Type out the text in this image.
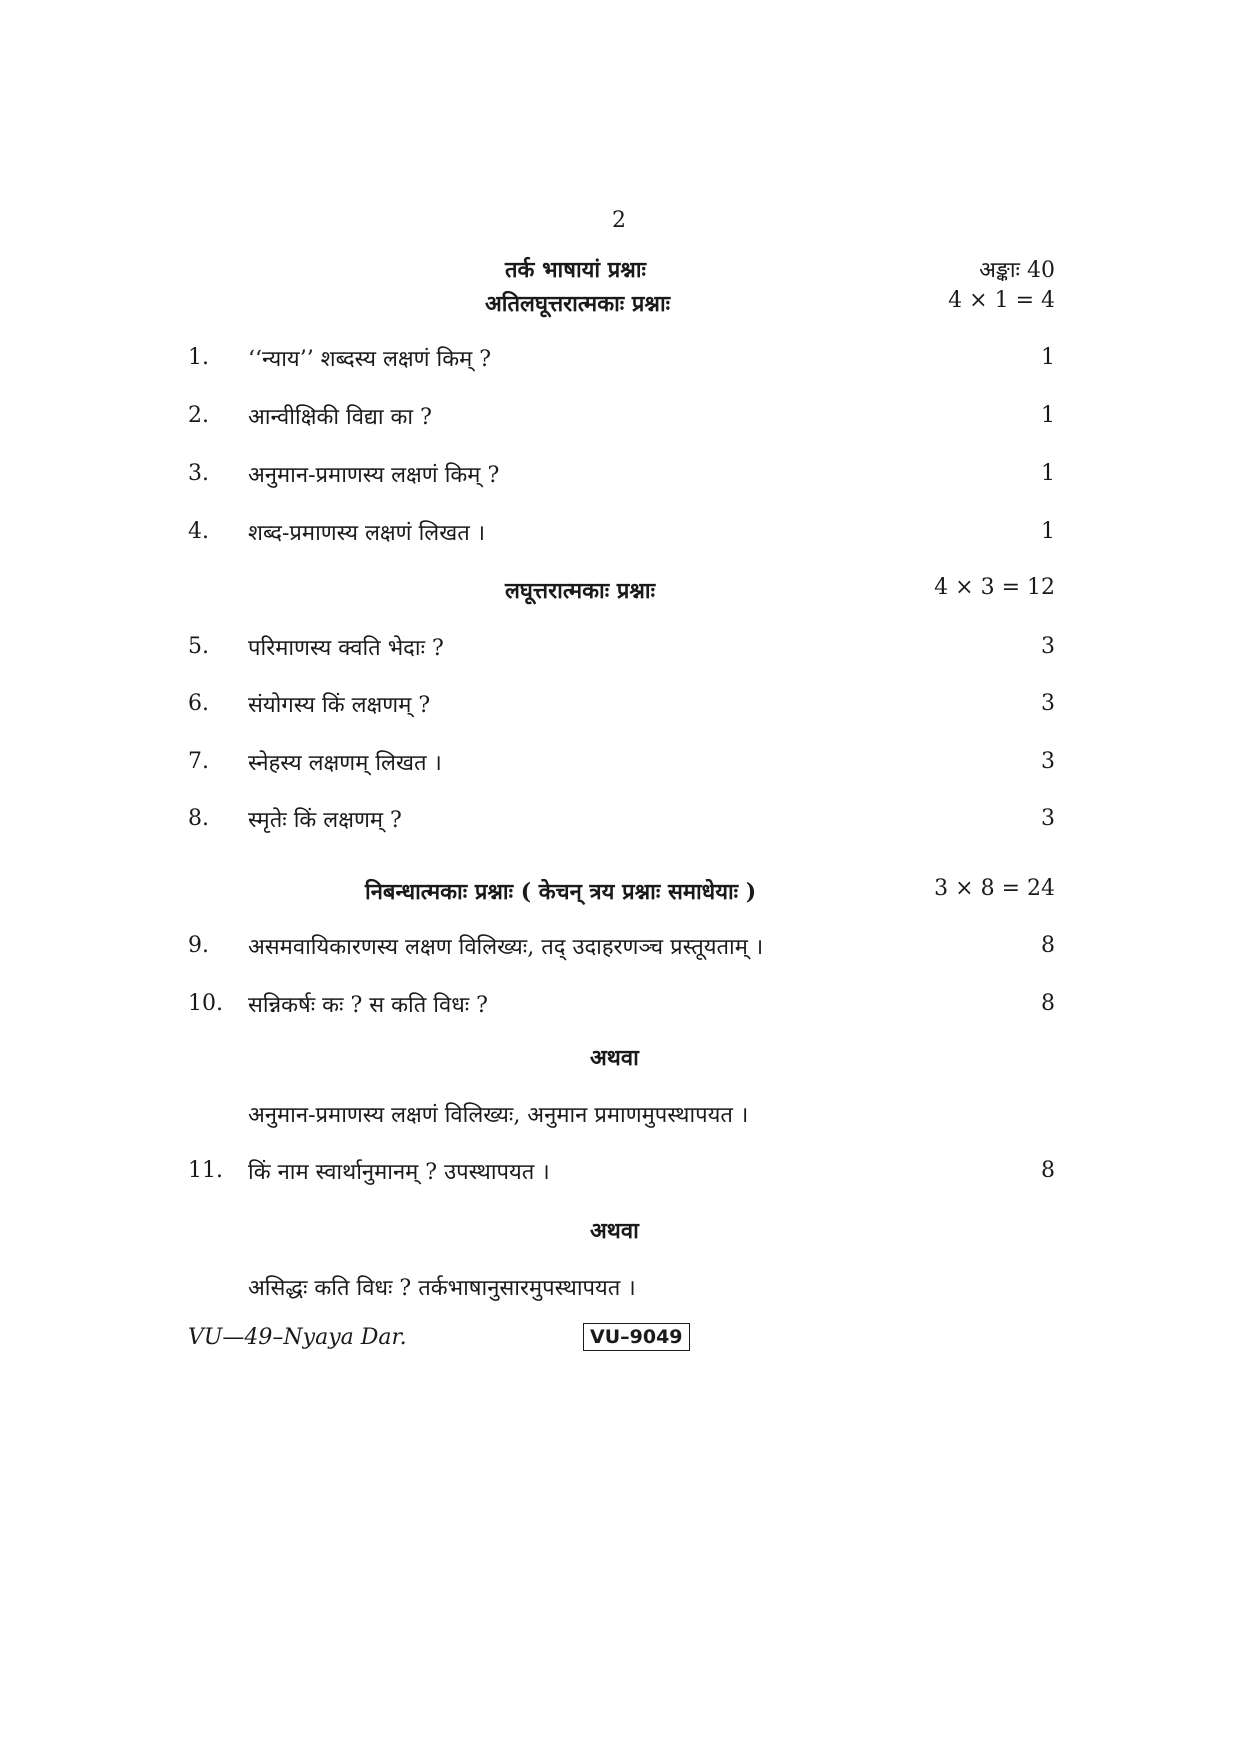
2
तर्क भाषायां प्रश्नाः	अङ्काः 40
अतिलघूत्तरात्मकाः प्रश्नाः	4 × 1 = 4
1. ‘‘न्याय’’ शब्दस्य लक्षणं किम् ?	1
2. आन्वीक्षिकी विद्या का ?	1
3. अनुमान-प्रमाणस्य लक्षणं किम् ?	1
4. शब्द-प्रमाणस्य लक्षणं लिखत ।	1
लघूत्तरात्मकाः प्रश्नाः	4 × 3 = 12
5. परिमाणस्य क्वति भेदाः ?	3
6. संयोगस्य किं लक्षणम् ?	3
7. स्नेहस्य लक्षणम् लिखत ।	3
8. स्मृतेः किं लक्षणम् ?	3
निबन्धात्मकाः प्रश्नाः ( केचन् त्रय प्रश्नाः समाधेयाः )	3 × 8 = 24
9. असमवायिकारणस्य लक्षण विलिख्यः, तद् उदाहरणञ्च प्रस्तूयताम् ।	8
10. सन्निकर्षः कः ? स कति विधः ?	8
अथवा
अनुमान-प्रमाणस्य लक्षणं विलिख्यः, अनुमान प्रमाणमुपस्थापयत ।
11. किं नाम स्वार्थानुमानम् ? उपस्थापयत ।	8
अथवा
असिद्धः कति विधः ? तर्कभाषानुसारमुपस्थापयत ।
VU—49–Nyaya Dar.	VU–9049
